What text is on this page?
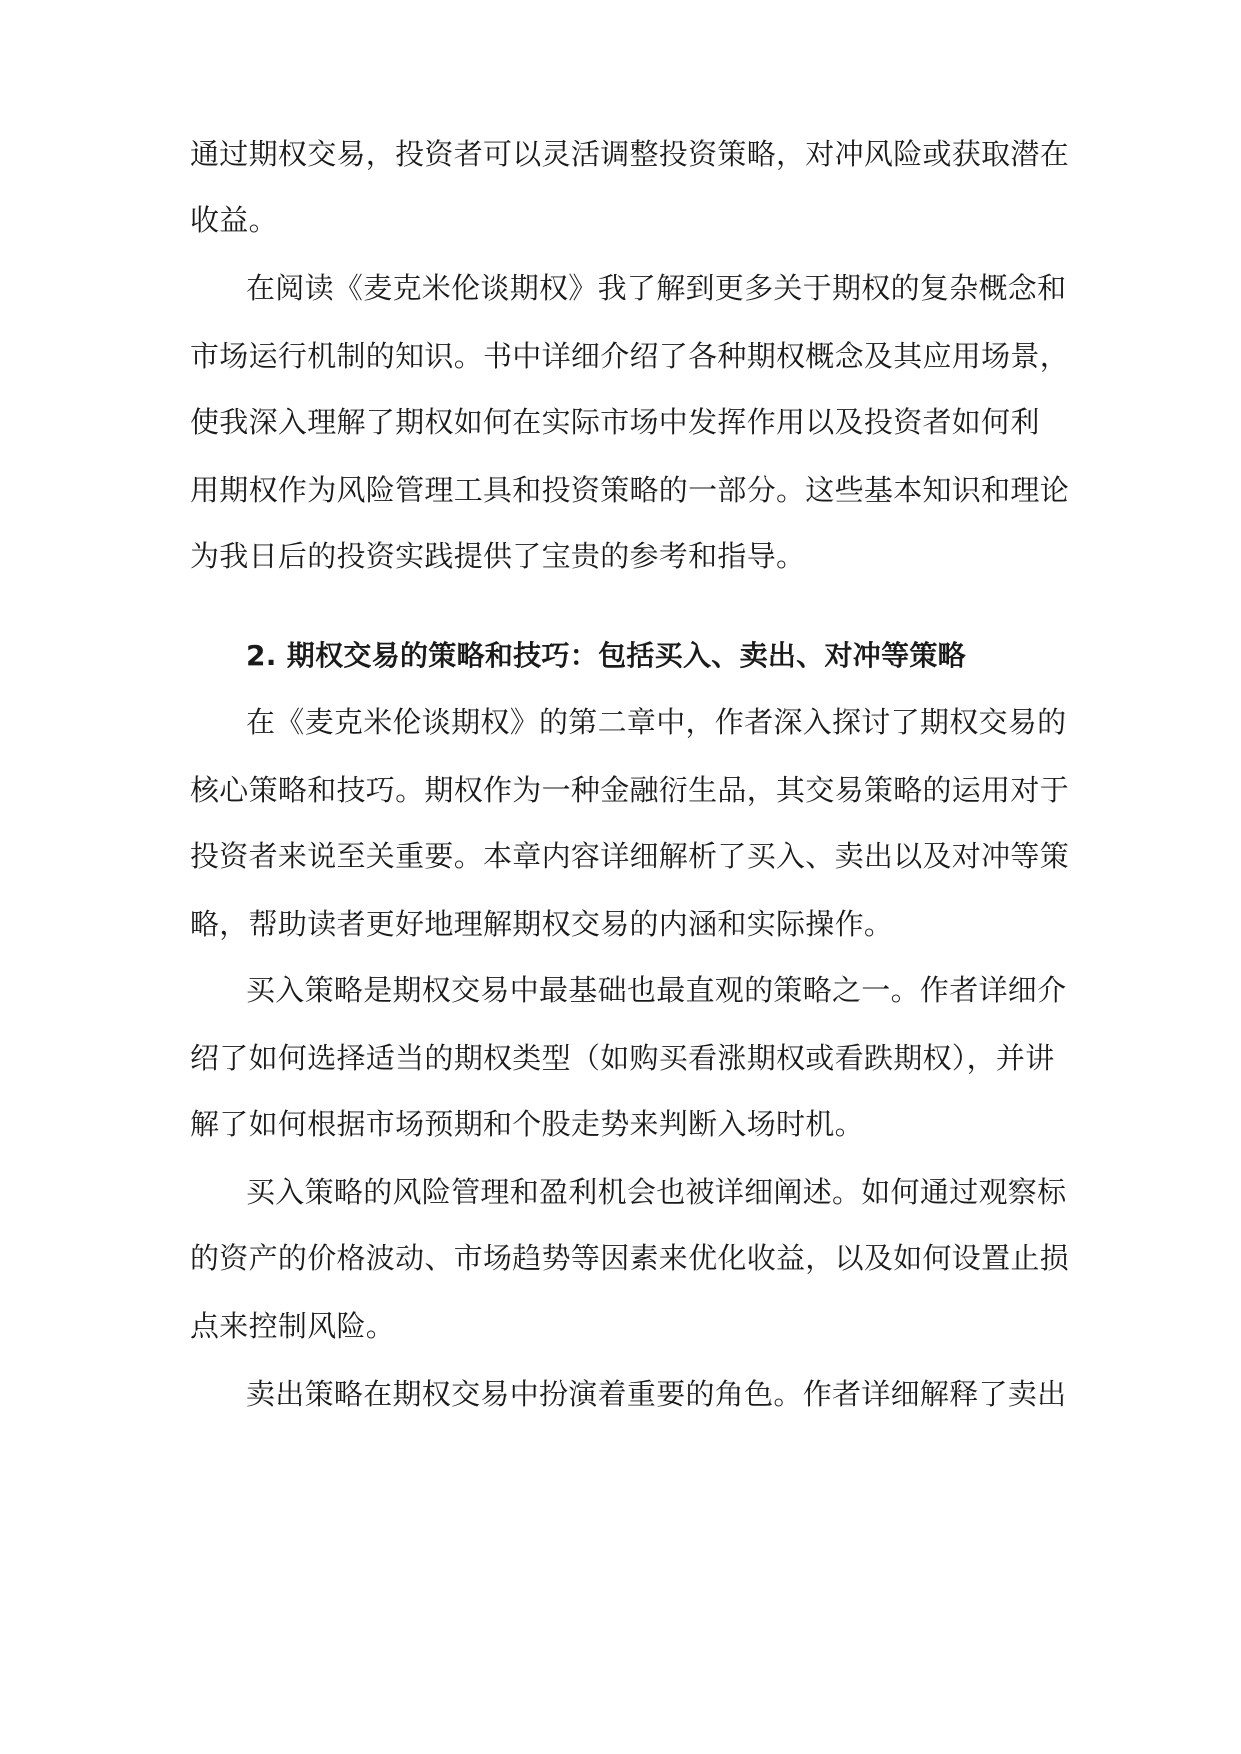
通过期权交易，投资者可以灵活调整投资策略，对冲风险或获取潜在
收益。
在阅读《麦克米伦谈期权》我了解到更多关于期权的复杂概念和
市场运行机制的知识。书中详细介绍了各种期权概念及其应用场景，
使我深入理解了期权如何在实际市场中发挥作用以及投资者如何利
用期权作为风险管理工具和投资策略的一部分。这些基本知识和理论
为我日后的投资实践提供了宝贵的参考和指导。
2. 期权交易的策略和技巧：包括买入、卖出、对冲等策略
在《麦克米伦谈期权》的第二章中，作者深入探讨了期权交易的
核心策略和技巧。期权作为一种金融衍生品，其交易策略的运用对于
投资者来说至关重要。本章内容详细解析了买入、卖出以及对冲等策
略，帮助读者更好地理解期权交易的内涵和实际操作。
买入策略是期权交易中最基础也最直观的策略之一。作者详细介
绍了如何选择适当的期权类型（如购买看涨期权或看跌期权），并讲
解了如何根据市场预期和个股走势来判断入场时机。
买入策略的风险管理和盈利机会也被详细阐述。如何通过观察标
的资产的价格波动、市场趋势等因素来优化收益，以及如何设置止损
点来控制风险。
卖出策略在期权交易中扮演着重要的角色。作者详细解释了卖出
